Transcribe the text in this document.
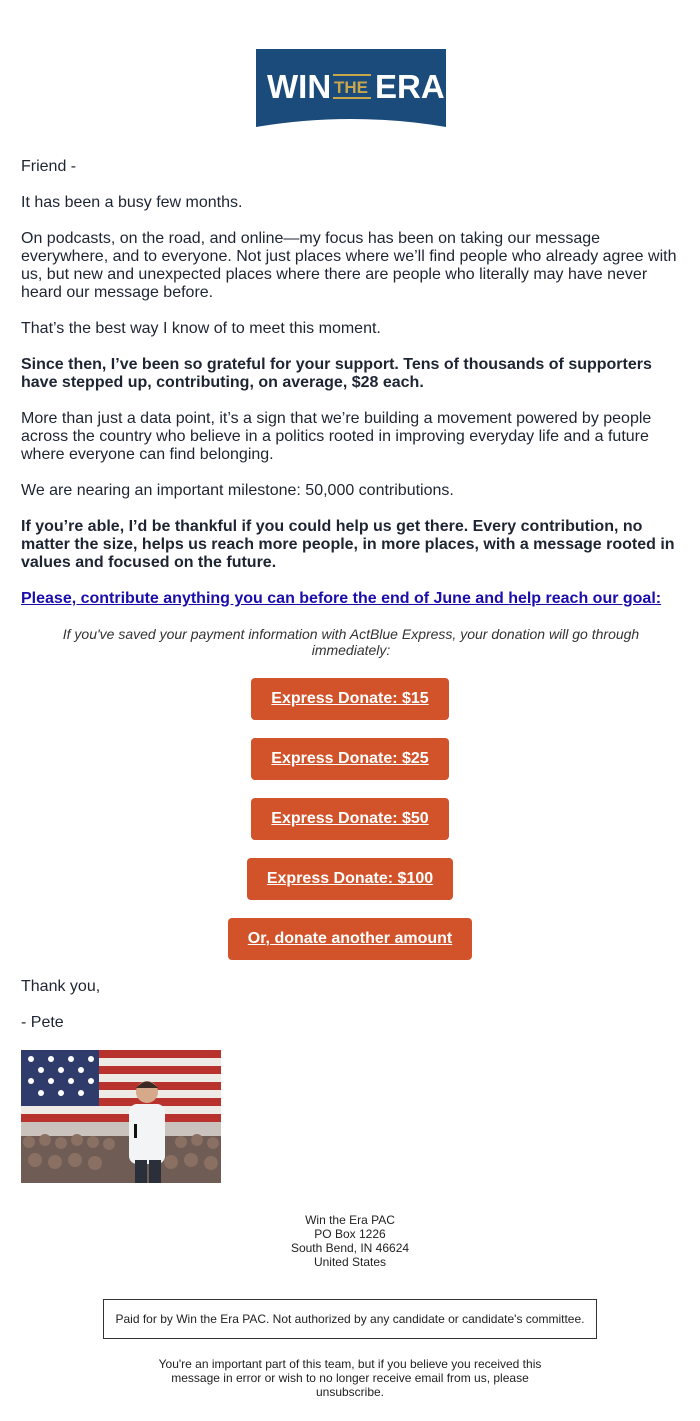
WIN THE ERA

Friend -

It has been a busy few months.

On podcasts, on the road, and online—my focus has been on taking our message everywhere, and to everyone. Not just places where we’ll find people who already agree with us, but new and unexpected places where there are people who literally may have never heard our message before.

That’s the best way I know of to meet this moment.

Since then, I’ve been so grateful for your support. Tens of thousands of supporters have stepped up, contributing, on average, $28 each.

More than just a data point, it’s a sign that we’re building a movement powered by people across the country who believe in a politics rooted in improving everyday life and a future where everyone can find belonging.

We are nearing an important milestone: 50,000 contributions.

If you’re able, I’d be thankful if you could help us get there. Every contribution, no matter the size, helps us reach more people, in more places, with a message rooted in values and focused on the future.

Please, contribute anything you can before the end of June and help reach our goal:

If you've saved your payment information with ActBlue Express, your donation will go through immediately:

Express Donate: $15
Express Donate: $25
Express Donate: $50
Express Donate: $100
Or, donate another amount
Thank you,
- Pete
Win the Era PAC
PO Box 1226
South Bend, IN 46624
United States
Paid for by Win the Era PAC. Not authorized by any candidate or candidate's committee.
You're an important part of this team, but if you believe you received this message in error or wish to no longer receive email from us, please unsubscribe.
